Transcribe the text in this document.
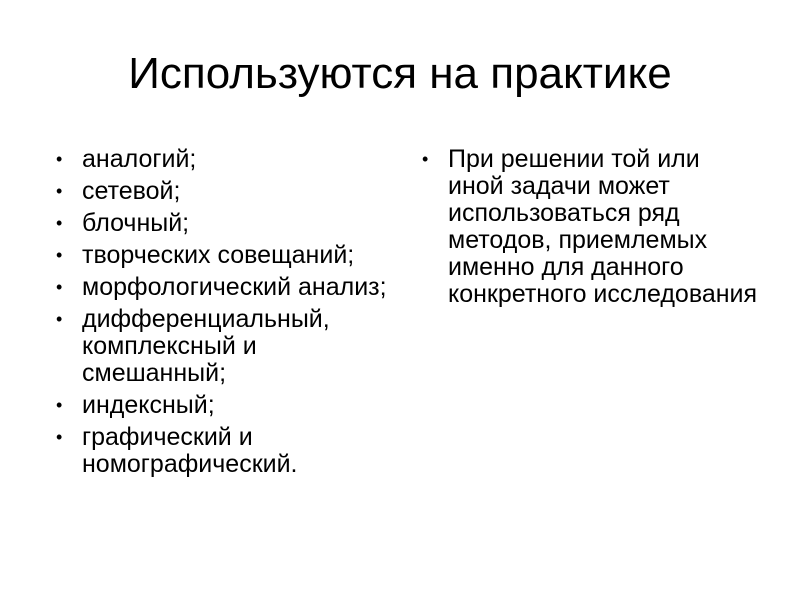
Используются на практике
• аналогий;
• сетевой;
• блочный;
• творческих совещаний;
• морфологический анализ;
• дифференциальный, комплексный и смешанный;
• индексный;
• графический и номографический.
• При решении той или иной задачи может использоваться ряд методов, приемлемых именно для данного конкретного исследования
